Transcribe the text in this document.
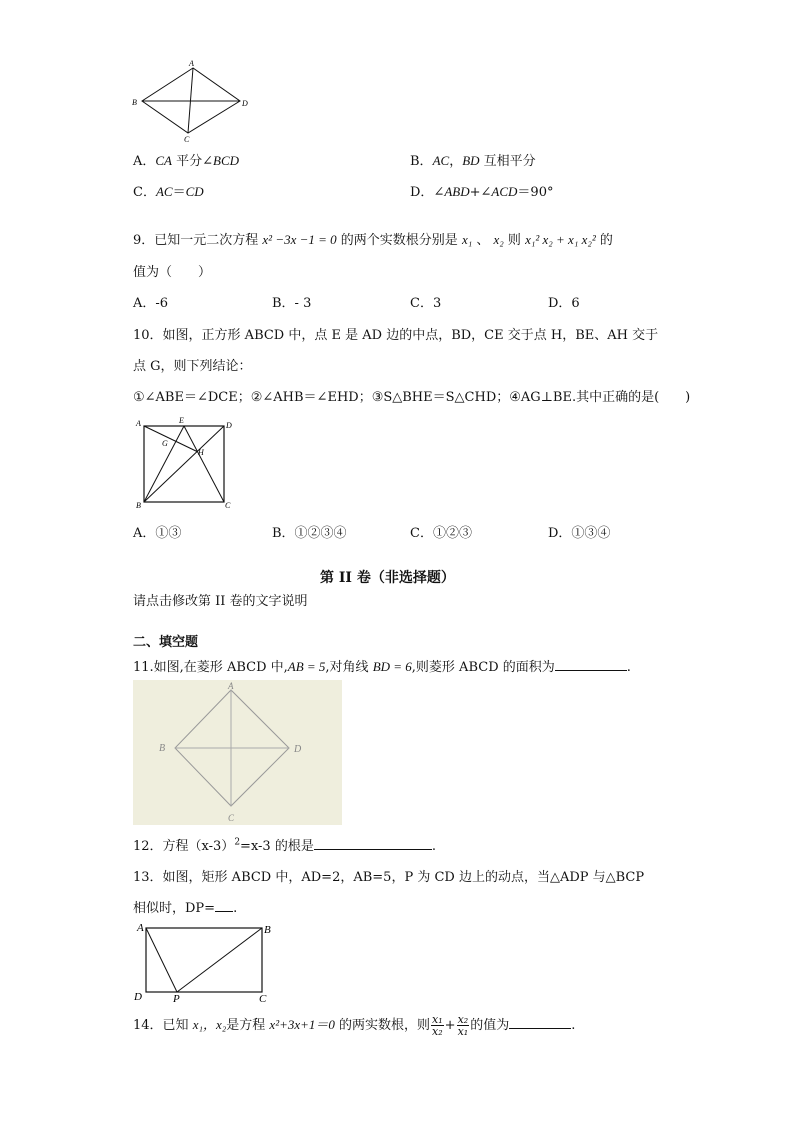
A
B
C
D
A．CA 平分∠BCD	B．AC，BD 互相平分
C．AC＝CD	D．∠ABD+∠ACD＝90°
9．已知一元二次方程 x² −3x −1 = 0 的两个实数根分别是 x₁ 、 x₂ 则 x₁² x₂ + x₁ x₂² 的
值为（　　）
A．-6	B．- 3	C．3	D．6
10．如图，正方形 ABCD 中，点 E 是 AD 边的中点，BD，CE 交于点 H，BE、AH 交于
点 G，则下列结论：
①∠ABE＝∠DCE；②∠AHB＝∠EHD；③S△BHE＝S△CHD；④AG⊥BE.其中正确的是(　　)
A	E
D
G
H
B	C
A．①③	B．①②③④	C．①②③	D．①③④
第 II 卷（非选择题）
请点击修改第 II 卷的文字说明
二、填空题
11.如图,在菱形 ABCD 中,AB = 5,对角线 BD = 6,则菱形 ABCD 的面积为	.
A
B
C
D
12．方程$(x-3)^2=x-3$ 的根是	.
13．如图，矩形 ABCD 中，AD=2，AB=5，P 为 CD 边上的动点，当△ADP 与△BCP
相似时，DP= .
A	B
D	P	C
14．已知 x₁，x₂是方程 x²+3x+1＝0 的两实数根，则 $\frac{\text{x₁}}{\text{x₂}} + \frac{\text{x₂}}{\text{x₁}}$ 的值为	.
